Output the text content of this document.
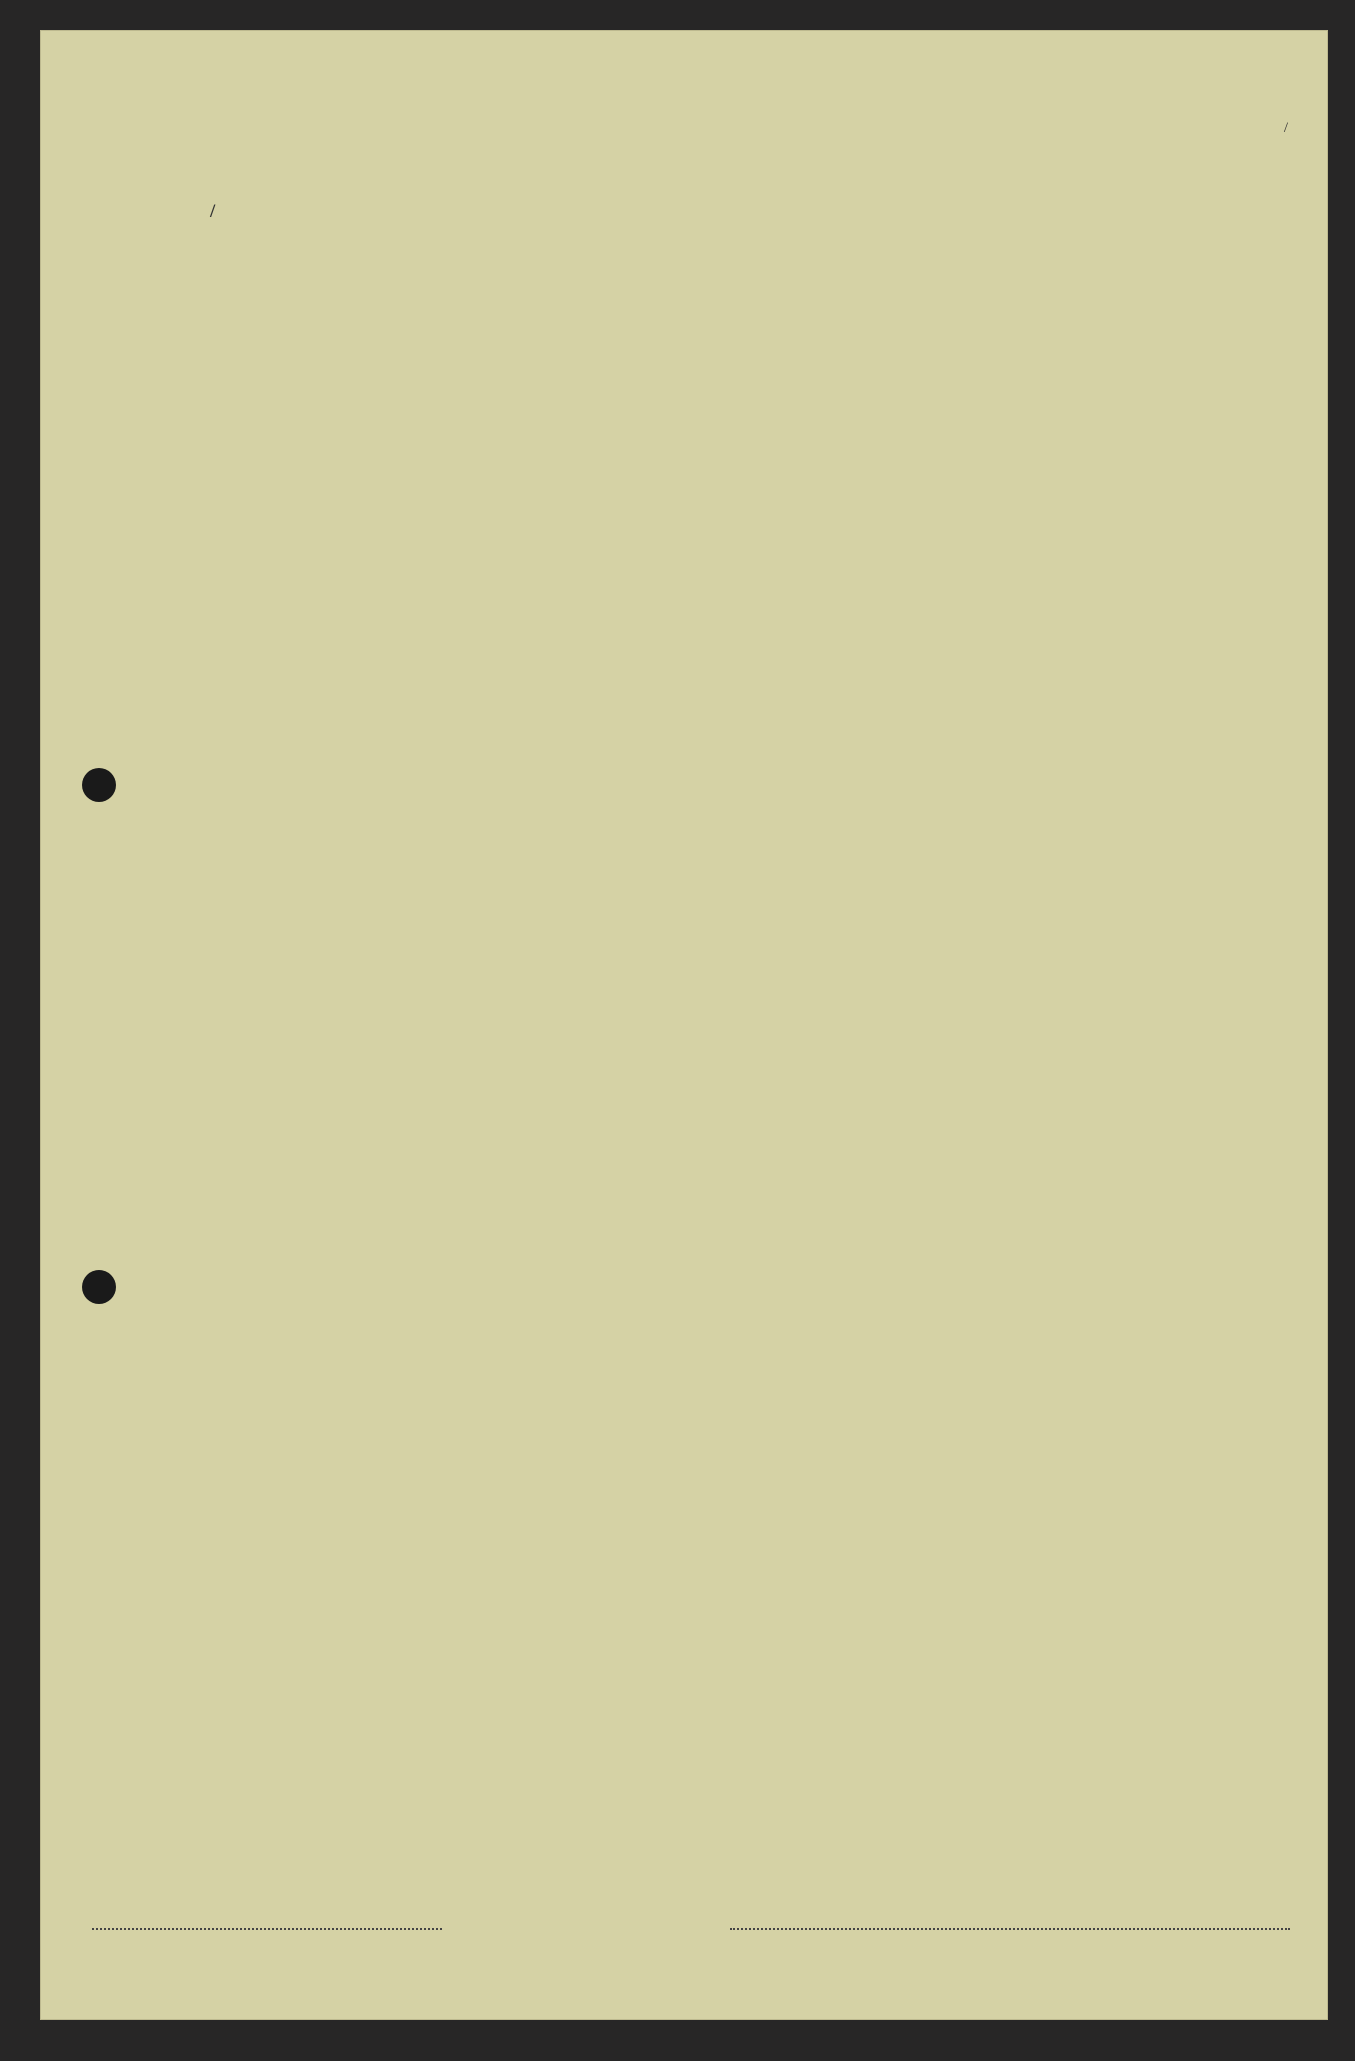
/
/
